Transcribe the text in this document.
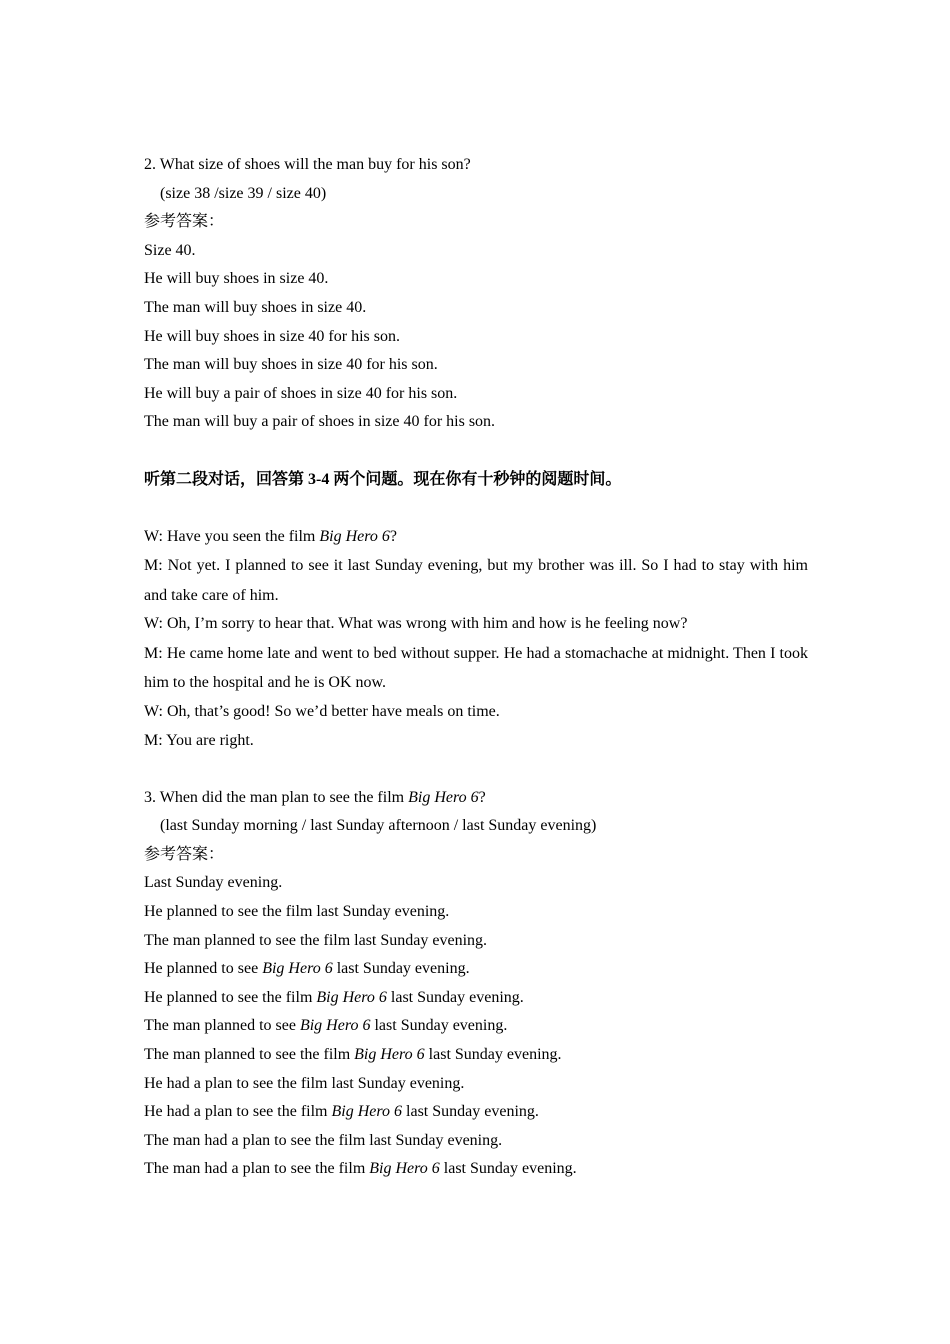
2. What size of shoes will the man buy for his son?
(size 38 /size 39 / size 40)
参考答案：
Size 40.
He will buy shoes in size 40.
The man will buy shoes in size 40.
He will buy shoes in size 40 for his son.
The man will buy shoes in size 40 for his son.
He will buy a pair of shoes in size 40 for his son.
The man will buy a pair of shoes in size 40 for his son.
听第二段对话，回答第 3-4 两个问题。现在你有十秒钟的阅题时间。
W: Have you seen the film Big Hero 6?
M: Not yet. I planned to see it last Sunday evening, but my brother was ill. So I had to stay with him and take care of him.
W: Oh, I’m sorry to hear that. What was wrong with him and how is he feeling now?
M: He came home late and went to bed without supper. He had a stomachache at midnight. Then I took him to the hospital and he is OK now.
W: Oh, that’s good! So we’d better have meals on time.
M: You are right.
3. When did the man plan to see the film Big Hero 6?
(last Sunday morning / last Sunday afternoon / last Sunday evening)
参考答案：
Last Sunday evening.
He planned to see the film last Sunday evening.
The man planned to see the film last Sunday evening.
He planned to see Big Hero 6 last Sunday evening.
He planned to see the film Big Hero 6 last Sunday evening.
The man planned to see Big Hero 6 last Sunday evening.
The man planned to see the film Big Hero 6 last Sunday evening.
He had a plan to see the film last Sunday evening.
He had a plan to see the film Big Hero 6 last Sunday evening.
The man had a plan to see the film last Sunday evening.
The man had a plan to see the film Big Hero 6 last Sunday evening.
